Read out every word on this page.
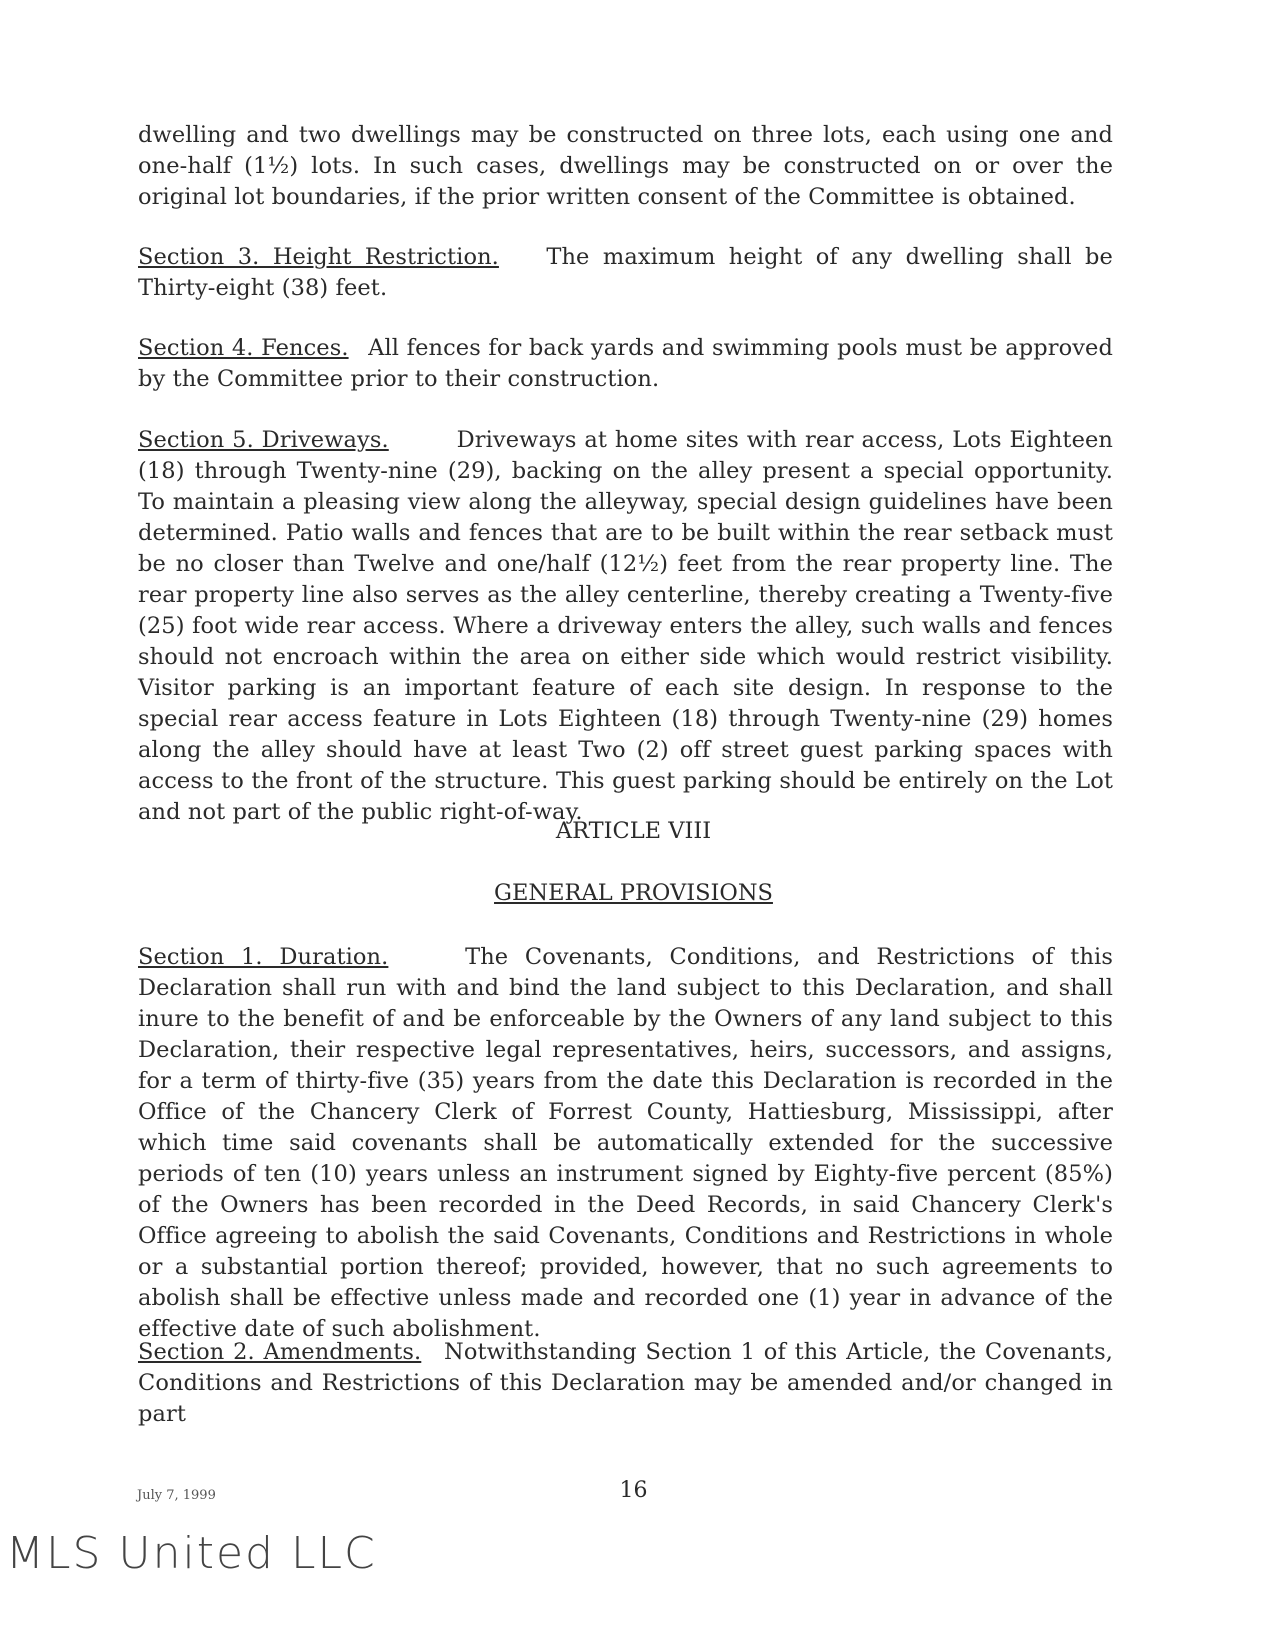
dwelling and two dwellings may be constructed on three lots, each using one and one-half (1½) lots. In such cases, dwellings may be constructed on or over the original lot boundaries, if the prior written consent of the Committee is obtained.

Section 3. Height Restriction. The maximum height of any dwelling shall be Thirty-eight (38) feet.

Section 4. Fences. All fences for back yards and swimming pools must be approved by the Committee prior to their construction.

Section 5. Driveways.	Driveways at home sites with rear access, Lots Eighteen (18) through Twenty-nine (29), backing on the alley present a special opportunity. To maintain a pleasing view along the alleyway, special design guidelines have been determined. Patio walls and fences that are to be built within the rear setback must be no closer than Twelve and one/half (12½) feet from the rear property line. The rear property line also serves as the alley centerline, thereby creating a Twenty-five (25) foot wide rear access. Where a driveway enters the alley, such walls and fences should not encroach within the area on either side which would restrict visibility. Visitor parking is an important feature of each site design. In response to the special rear access feature in Lots Eighteen (18) through Twenty-nine (29) homes along the alley should have at least Two (2) off street guest parking spaces with access to the front of the structure. This guest parking should be entirely on the Lot and not part of the public right-of-way.

ARTICLE VIII

GENERAL PROVISIONS

Section 1. Duration.	The Covenants, Conditions, and Restrictions of this Declaration shall run with and bind the land subject to this Declaration, and shall inure to the benefit of and be enforceable by the Owners of any land subject to this Declaration, their respective legal representatives, heirs, successors, and assigns, for a term of thirty-five (35) years from the date this Declaration is recorded in the Office of the Chancery Clerk of Forrest County, Hattiesburg, Mississippi, after which time said covenants shall be automatically extended for the successive periods of ten (10) years unless an instrument signed by Eighty-five percent (85%) of the Owners has been recorded in the Deed Records, in said Chancery Clerk's Office agreeing to abolish the said Covenants, Conditions and Restrictions in whole or a substantial portion thereof; provided, however, that no such agreements to abolish shall be effective unless made and recorded one (1) year in advance of the effective date of such abolishment.

Section 2. Amendments. Notwithstanding Section 1 of this Article, the Covenants, Conditions and Restrictions of this Declaration may be amended and/or changed in part

July 7, 1999	16
MLS United LLC
